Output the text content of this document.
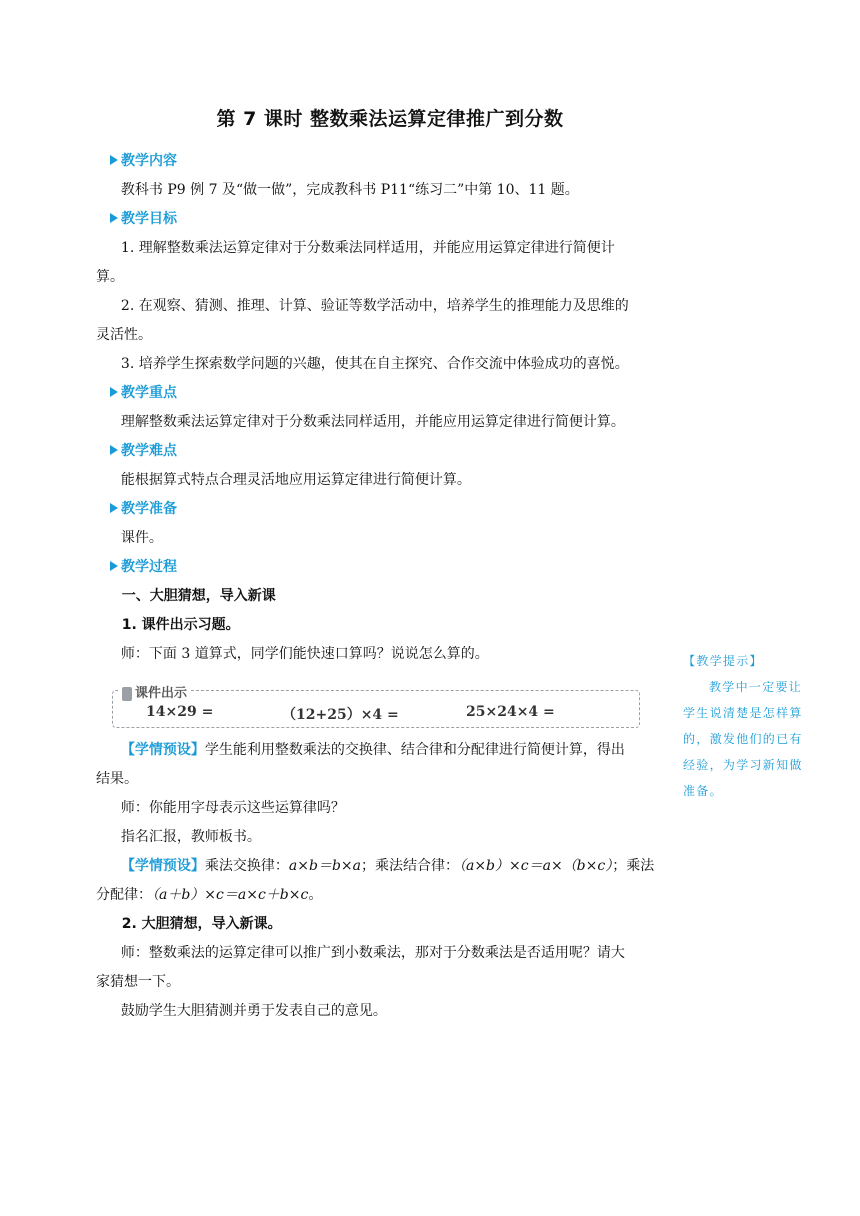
第 7 课时 整数乘法运算定律推广到分数
教学内容
教科书 P9 例 7 及“做一做”，完成教科书 P11“练习二”中第 10、11 题。
教学目标
1. 理解整数乘法运算定律对于分数乘法同样适用，并能应用运算定律进行简便计
算。
2. 在观察、猜测、推理、计算、验证等数学活动中，培养学生的推理能力及思维的
灵活性。
3. 培养学生探索数学问题的兴趣，使其在自主探究、合作交流中体验成功的喜悦。
教学重点
理解整数乘法运算定律对于分数乘法同样适用，并能应用运算定律进行简便计算。
教学难点
能根据算式特点合理灵活地应用运算定律进行简便计算。
教学准备
课件。
教学过程
一、大胆猜想，导入新课
1. 课件出示习题。
师：下面 3 道算式，同学们能快速口算吗？说说怎么算的。
课件出示
14×29 =	（12+25）×4 =	25×24×4 =
【学情预设】学生能利用整数乘法的交换律、结合律和分配律进行简便计算，得出
结果。
师：你能用字母表示这些运算律吗？
指名汇报，教师板书。
【学情预设】乘法交换律：a×b＝b×a；乘法结合律：（a×b）×c＝a×（b×c）；乘法
分配律：（a＋b）×c＝a×c＋b×c。
2. 大胆猜想，导入新课。
师：整数乘法的运算定律可以推广到小数乘法，那对于分数乘法是否适用呢？请大
家猜想一下。
鼓励学生大胆猜测并勇于发表自己的意见。
【教学提示】
教学中一定要让学生说清楚是怎样算的，激发他们的已有经验，为学习新知做准备。
